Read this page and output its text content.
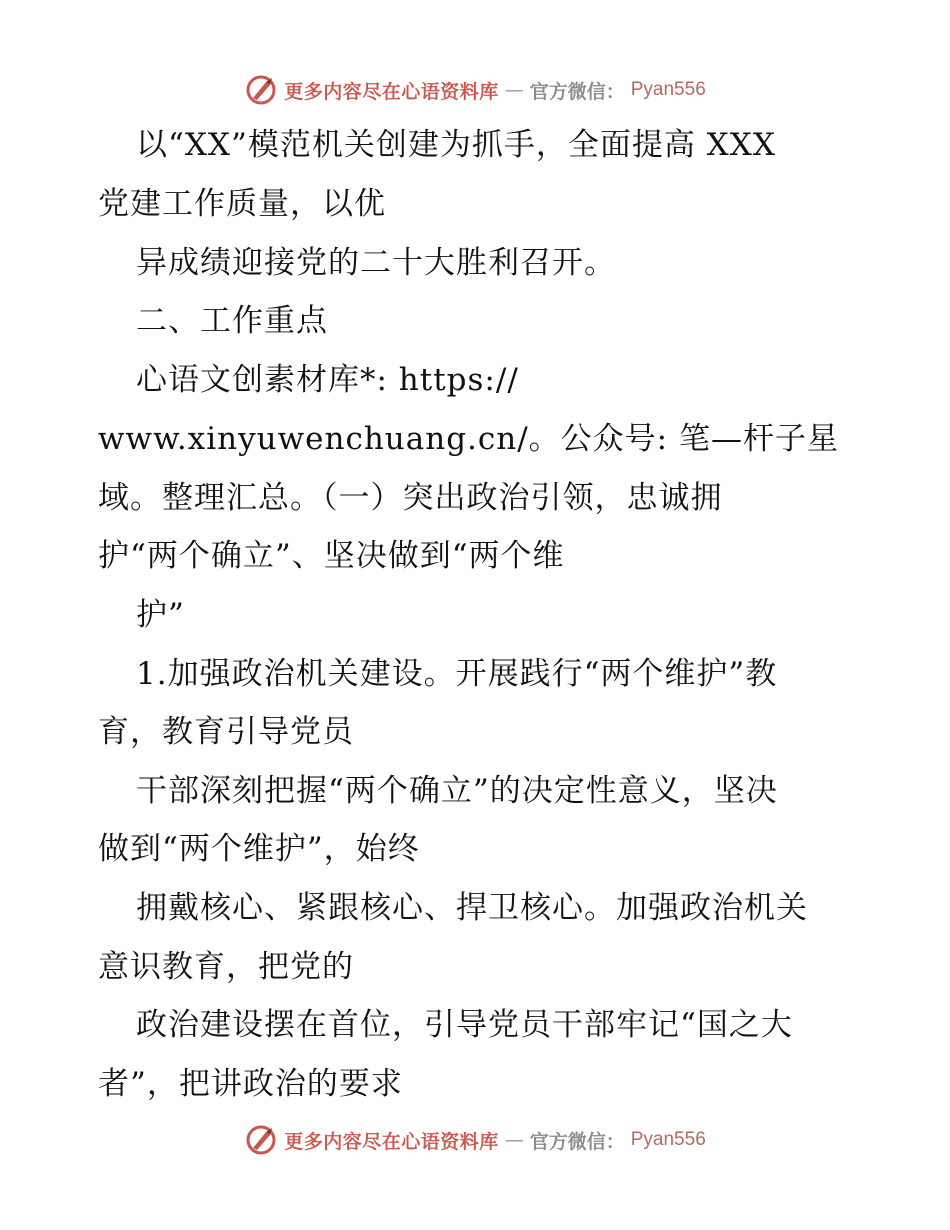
更多内容尽在心语资料库 — 官方微信： Pyan556
以“XX”模范机关创建为抓手，全面提高 XXX
党建工作质量，以优
异成绩迎接党的二十大胜利召开。
二、工作重点
心语文创素材库*: https://
www.xinyuwenchuang.cn/。公众号: 笔—杆子星
域。整理汇总。（一）突出政治引领，忠诚拥
护“两个确立”、坚决做到“两个维
护”
1.加强政治机关建设。开展践行“两个维护”教
育，教育引导党员
干部深刻把握“两个确立”的决定性意义，坚决
做到“两个维护”，始终
拥戴核心、紧跟核心、捍卫核心。加强政治机关
意识教育，把党的
政治建设摆在首位，引导党员干部牢记“国之大
者”，把讲政治的要求
更多内容尽在心语资料库 — 官方微信： Pyan556
